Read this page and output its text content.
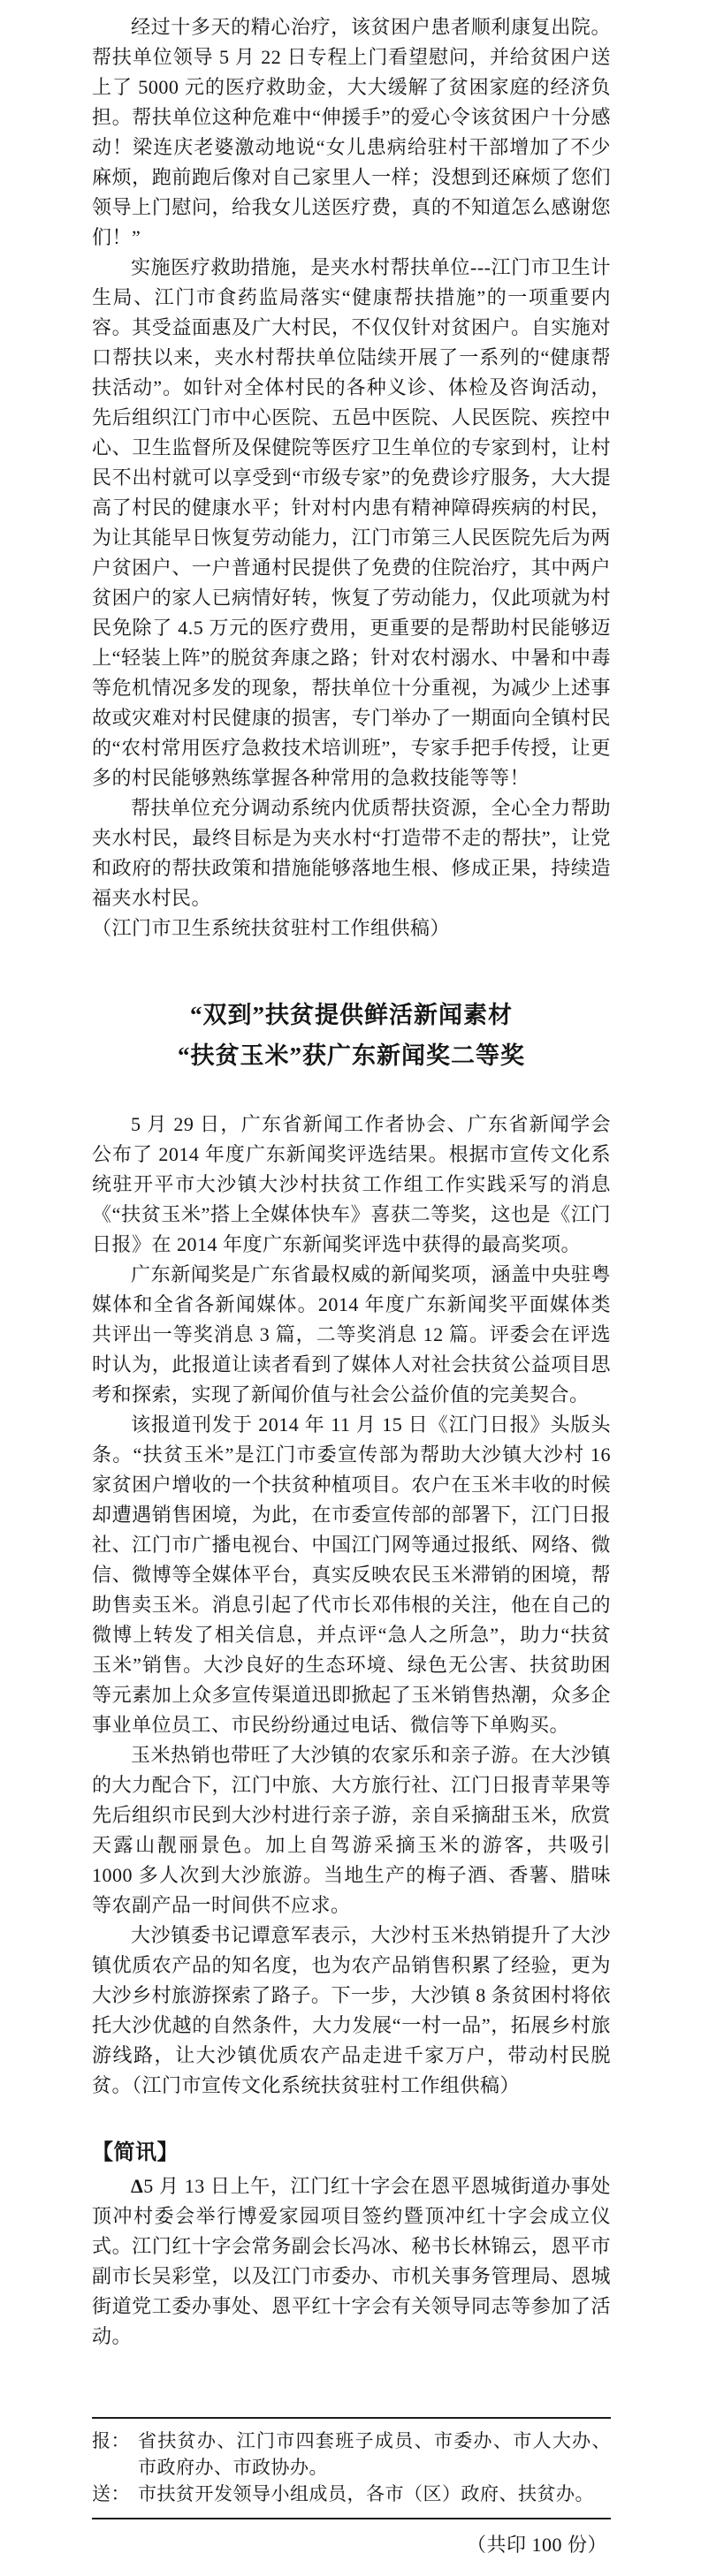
经过十多天的精心治疗，该贫困户患者顺利康复出院。帮扶单位领导 5 月 22 日专程上门看望慰问，并给贫困户送上了 5000 元的医疗救助金，大大缓解了贫困家庭的经济负担。帮扶单位这种危难中“伸援手”的爱心令该贫困户十分感动！梁连庆老婆激动地说“女儿患病给驻村干部增加了不少麻烦，跑前跑后像对自己家里人一样；没想到还麻烦了您们领导上门慰问，给我女儿送医疗费，真的不知道怎么感谢您们！”

实施医疗救助措施，是夹水村帮扶单位---江门市卫生计生局、江门市食药监局落实“健康帮扶措施”的一项重要内容。其受益面惠及广大村民，不仅仅针对贫困户。自实施对口帮扶以来，夹水村帮扶单位陆续开展了一系列的“健康帮扶活动”。如针对全体村民的各种义诊、体检及咨询活动，先后组织江门市中心医院、五邑中医院、人民医院、疾控中心、卫生监督所及保健院等医疗卫生单位的专家到村，让村民不出村就可以享受到“市级专家”的免费诊疗服务，大大提高了村民的健康水平；针对村内患有精神障碍疾病的村民，为让其能早日恢复劳动能力，江门市第三人民医院先后为两户贫困户、一户普通村民提供了免费的住院治疗，其中两户贫困户的家人已病情好转，恢复了劳动能力，仅此项就为村民免除了 4.5 万元的医疗费用，更重要的是帮助村民能够迈上“轻装上阵”的脱贫奔康之路；针对农村溺水、中暑和中毒等危机情况多发的现象，帮扶单位十分重视，为减少上述事故或灾难对村民健康的损害，专门举办了一期面向全镇村民的“农村常用医疗急救技术培训班”，专家手把手传授，让更多的村民能够熟练掌握各种常用的急救技能等等！

帮扶单位充分调动系统内优质帮扶资源，全心全力帮助夹水村民，最终目标是为夹水村“打造带不走的帮扶”，让党和政府的帮扶政策和措施能够落地生根、修成正果，持续造福夹水村民。

（江门市卫生系统扶贫驻村工作组供稿）

“双到”扶贫提供鲜活新闻素材
“扶贫玉米”获广东新闻奖二等奖

5 月 29 日，广东省新闻工作者协会、广东省新闻学会公布了 2014 年度广东新闻奖评选结果。根据市宣传文化系统驻开平市大沙镇大沙村扶贫工作组工作实践采写的消息《“扶贫玉米”搭上全媒体快车》喜获二等奖，这也是《江门日报》在 2014 年度广东新闻奖评选中获得的最高奖项。

广东新闻奖是广东省最权威的新闻奖项，涵盖中央驻粤媒体和全省各新闻媒体。2014 年度广东新闻奖平面媒体类共评出一等奖消息 3 篇，二等奖消息 12 篇。评委会在评选时认为，此报道让读者看到了媒体人对社会扶贫公益项目思考和探索，实现了新闻价值与社会公益价值的完美契合。

该报道刊发于 2014 年 11 月 15 日《江门日报》头版头条。“扶贫玉米”是江门市委宣传部为帮助大沙镇大沙村 16 家贫困户增收的一个扶贫种植项目。农户在玉米丰收的时候却遭遇销售困境，为此，在市委宣传部的部署下，江门日报社、江门市广播电视台、中国江门网等通过报纸、网络、微信、微博等全媒体平台，真实反映农民玉米滞销的困境，帮助售卖玉米。消息引起了代市长邓伟根的关注，他在自己的微博上转发了相关信息，并点评“急人之所急”，助力“扶贫玉米”销售。大沙良好的生态环境、绿色无公害、扶贫助困等元素加上众多宣传渠道迅即掀起了玉米销售热潮，众多企事业单位员工、市民纷纷通过电话、微信等下单购买。

玉米热销也带旺了大沙镇的农家乐和亲子游。在大沙镇的大力配合下，江门中旅、大方旅行社、江门日报青苹果等先后组织市民到大沙村进行亲子游，亲自采摘甜玉米，欣赏天露山靓丽景色。加上自驾游采摘玉米的游客，共吸引 1000 多人次到大沙旅游。当地生产的梅子酒、香薯、腊味等农副产品一时间供不应求。

大沙镇委书记谭意军表示，大沙村玉米热销提升了大沙镇优质农产品的知名度，也为农产品销售积累了经验，更为大沙乡村旅游探索了路子。下一步，大沙镇 8 条贫困村将依托大沙优越的自然条件，大力发展“一村一品”，拓展乡村旅游线路，让大沙镇优质农产品走进千家万户，带动村民脱贫。（江门市宣传文化系统扶贫驻村工作组供稿）

【简讯】

Δ5 月 13 日上午，江门红十字会在恩平恩城街道办事处顶冲村委会举行博爱家园项目签约暨顶冲红十字会成立仪式。江门红十字会常务副会长冯冰、秘书长林锦云，恩平市副市长吴彩堂，以及江门市委办、市机关事务管理局、恩城街道党工委办事处、恩平红十字会有关领导同志等参加了活动。

报： 省扶贫办、江门市四套班子成员、市委办、市人大办、市政府办、市政协办。
送： 市扶贫开发领导小组成员，各市（区）政府、扶贫办。
（共印 100 份）
